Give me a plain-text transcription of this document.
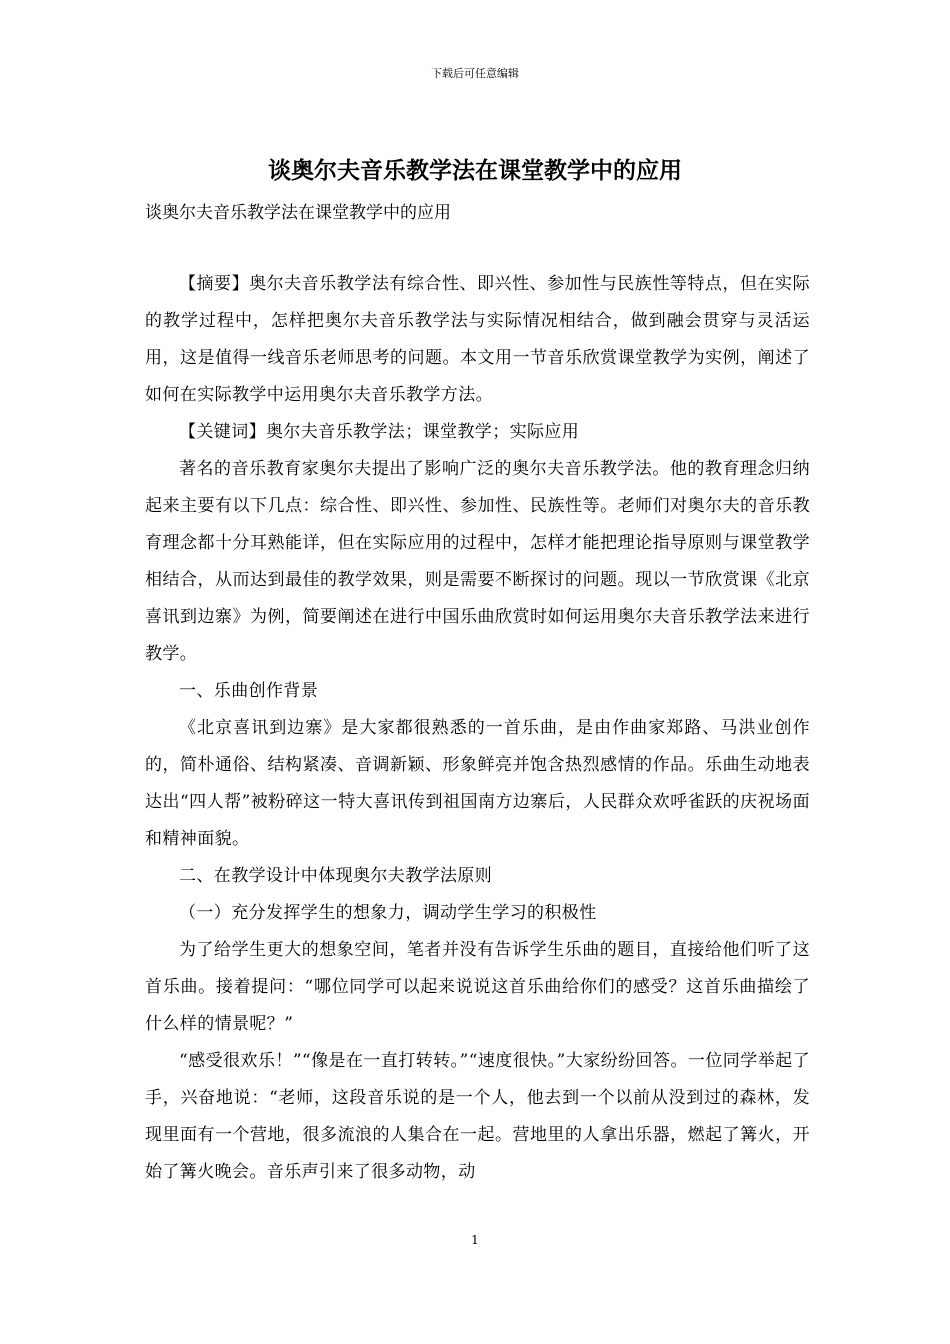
下载后可任意编辑
谈奥尔夫音乐教学法在课堂教学中的应用

谈奥尔夫音乐教学法在课堂教学中的应用

【摘要】奥尔夫音乐教学法有综合性、即兴性、参加性与民族性等特点，但在实际的教学过程中，怎样把奥尔夫音乐教学法与实际情况相结合，做到融会贯穿与灵活运用，这是值得一线音乐老师思考的问题。本文用一节音乐欣赏课堂教学为实例，阐述了如何在实际教学中运用奥尔夫音乐教学方法。

【关键词】奥尔夫音乐教学法；课堂教学；实际应用

著名的音乐教育家奥尔夫提出了影响广泛的奥尔夫音乐教学法。他的教育理念归纳起来主要有以下几点：综合性、即兴性、参加性、民族性等。老师们对奥尔夫的音乐教育理念都十分耳熟能详，但在实际应用的过程中，怎样才能把理论指导原则与课堂教学相结合，从而达到最佳的教学效果，则是需要不断探讨的问题。现以一节欣赏课《北京喜讯到边寨》为例，简要阐述在进行中国乐曲欣赏时如何运用奥尔夫音乐教学法来进行教学。

一、乐曲创作背景

《北京喜讯到边寨》是大家都很熟悉的一首乐曲，是由作曲家郑路、马洪业创作的，简朴通俗、结构紧凑、音调新颖、形象鲜亮并饱含热烈感情的作品。乐曲生动地表达出“四人帮”被粉碎这一特大喜讯传到祖国南方边寨后，人民群众欢呼雀跃的庆祝场面和精神面貌。

二、在教学设计中体现奥尔夫教学法原则

（一）充分发挥学生的想象力，调动学生学习的积极性

为了给学生更大的想象空间，笔者并没有告诉学生乐曲的题目，直接给他们听了这首乐曲。接着提问：“哪位同学可以起来说说这首乐曲给你们的感受？这首乐曲描绘了什么样的情景呢？”

“感受很欢乐！”“像是在一直打转转。”“速度很快。”大家纷纷回答。一位同学举起了手，兴奋地说：“老师，这段音乐说的是一个人，他去到一个以前从没到过的森林，发现里面有一个营地，很多流浪的人集合在一起。营地里的人拿出乐器，燃起了篝火，开始了篝火晚会。音乐声引来了很多动物，动

1
